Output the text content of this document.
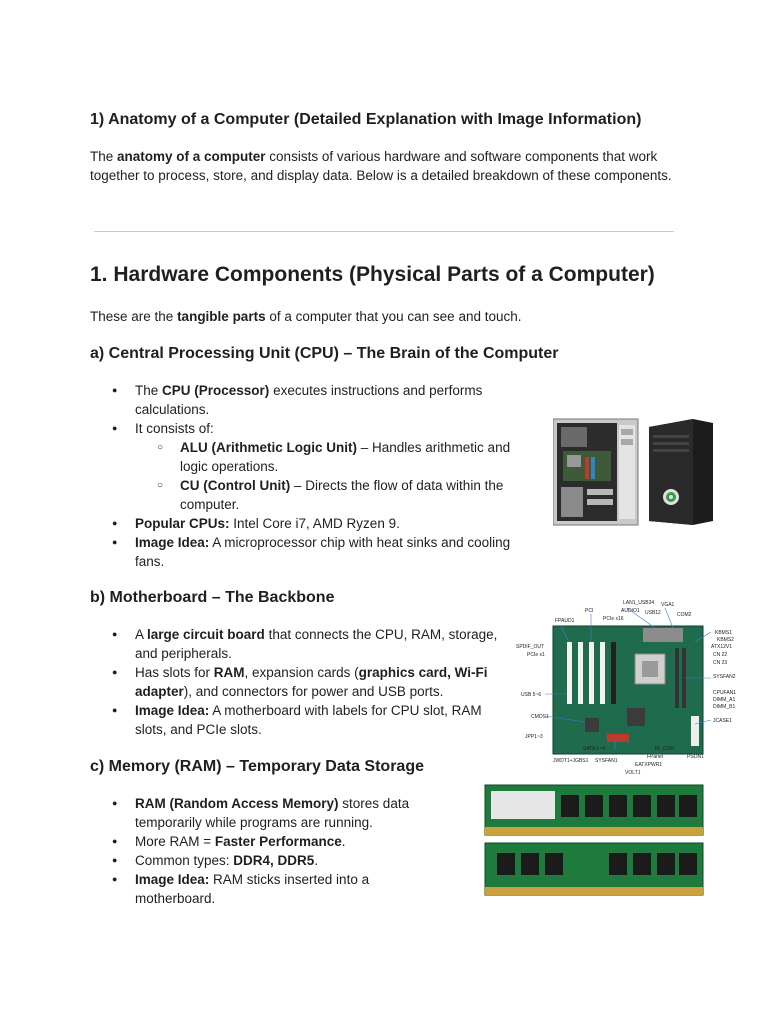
1) Anatomy of a Computer (Detailed Explanation with Image Information)
The anatomy of a computer consists of various hardware and software components that work together to process, store, and display data. Below is a detailed breakdown of these components.
1. Hardware Components (Physical Parts of a Computer)
These are the tangible parts of a computer that you can see and touch.
a) Central Processing Unit (CPU) – The Brain of the Computer
● The CPU (Processor) executes instructions and performs calculations.
● It consists of:
○ ALU (Arithmetic Logic Unit) – Handles arithmetic and logic operations.
○ CU (Control Unit) – Directs the flow of data within the computer.
● Popular CPUs: Intel Core i7, AMD Ryzen 9.
● Image Idea: A microprocessor chip with heat sinks and cooling fans.
b) Motherboard – The Backbone
● A large circuit board that connects the CPU, RAM, storage, and peripherals.
● Has slots for RAM, expansion cards (graphics card, Wi-Fi adapter), and connectors for power and USB ports.
● Image Idea: A motherboard with labels for CPU slot, RAM slots, and PCIe slots.
FPAUD1
PCI
PCIe x16
LAN1_USB34
AUDIO1 USB12
VGA1
COM2
SPDIF_OUT
PCIe x1
KBMS1
KBMS2
ATX12V1
CN 22
CN 23
SYSFAN2
USB 5~6	CPUFAN1
DIMM_A1
DIMM_B1
CMOS1
JCASE1
JPP1~3
SATA 1~4	IR_CON
JWDT1+JGBS1 SYSFAN1
FPanel
EATXPWR1
PSON1
VOLT1
c) Memory (RAM) – Temporary Data Storage
● RAM (Random Access Memory) stores data temporarily while programs are running.
● More RAM = Faster Performance.
● Common types: DDR4, DDR5.
● Image Idea: RAM sticks inserted into a motherboard.
